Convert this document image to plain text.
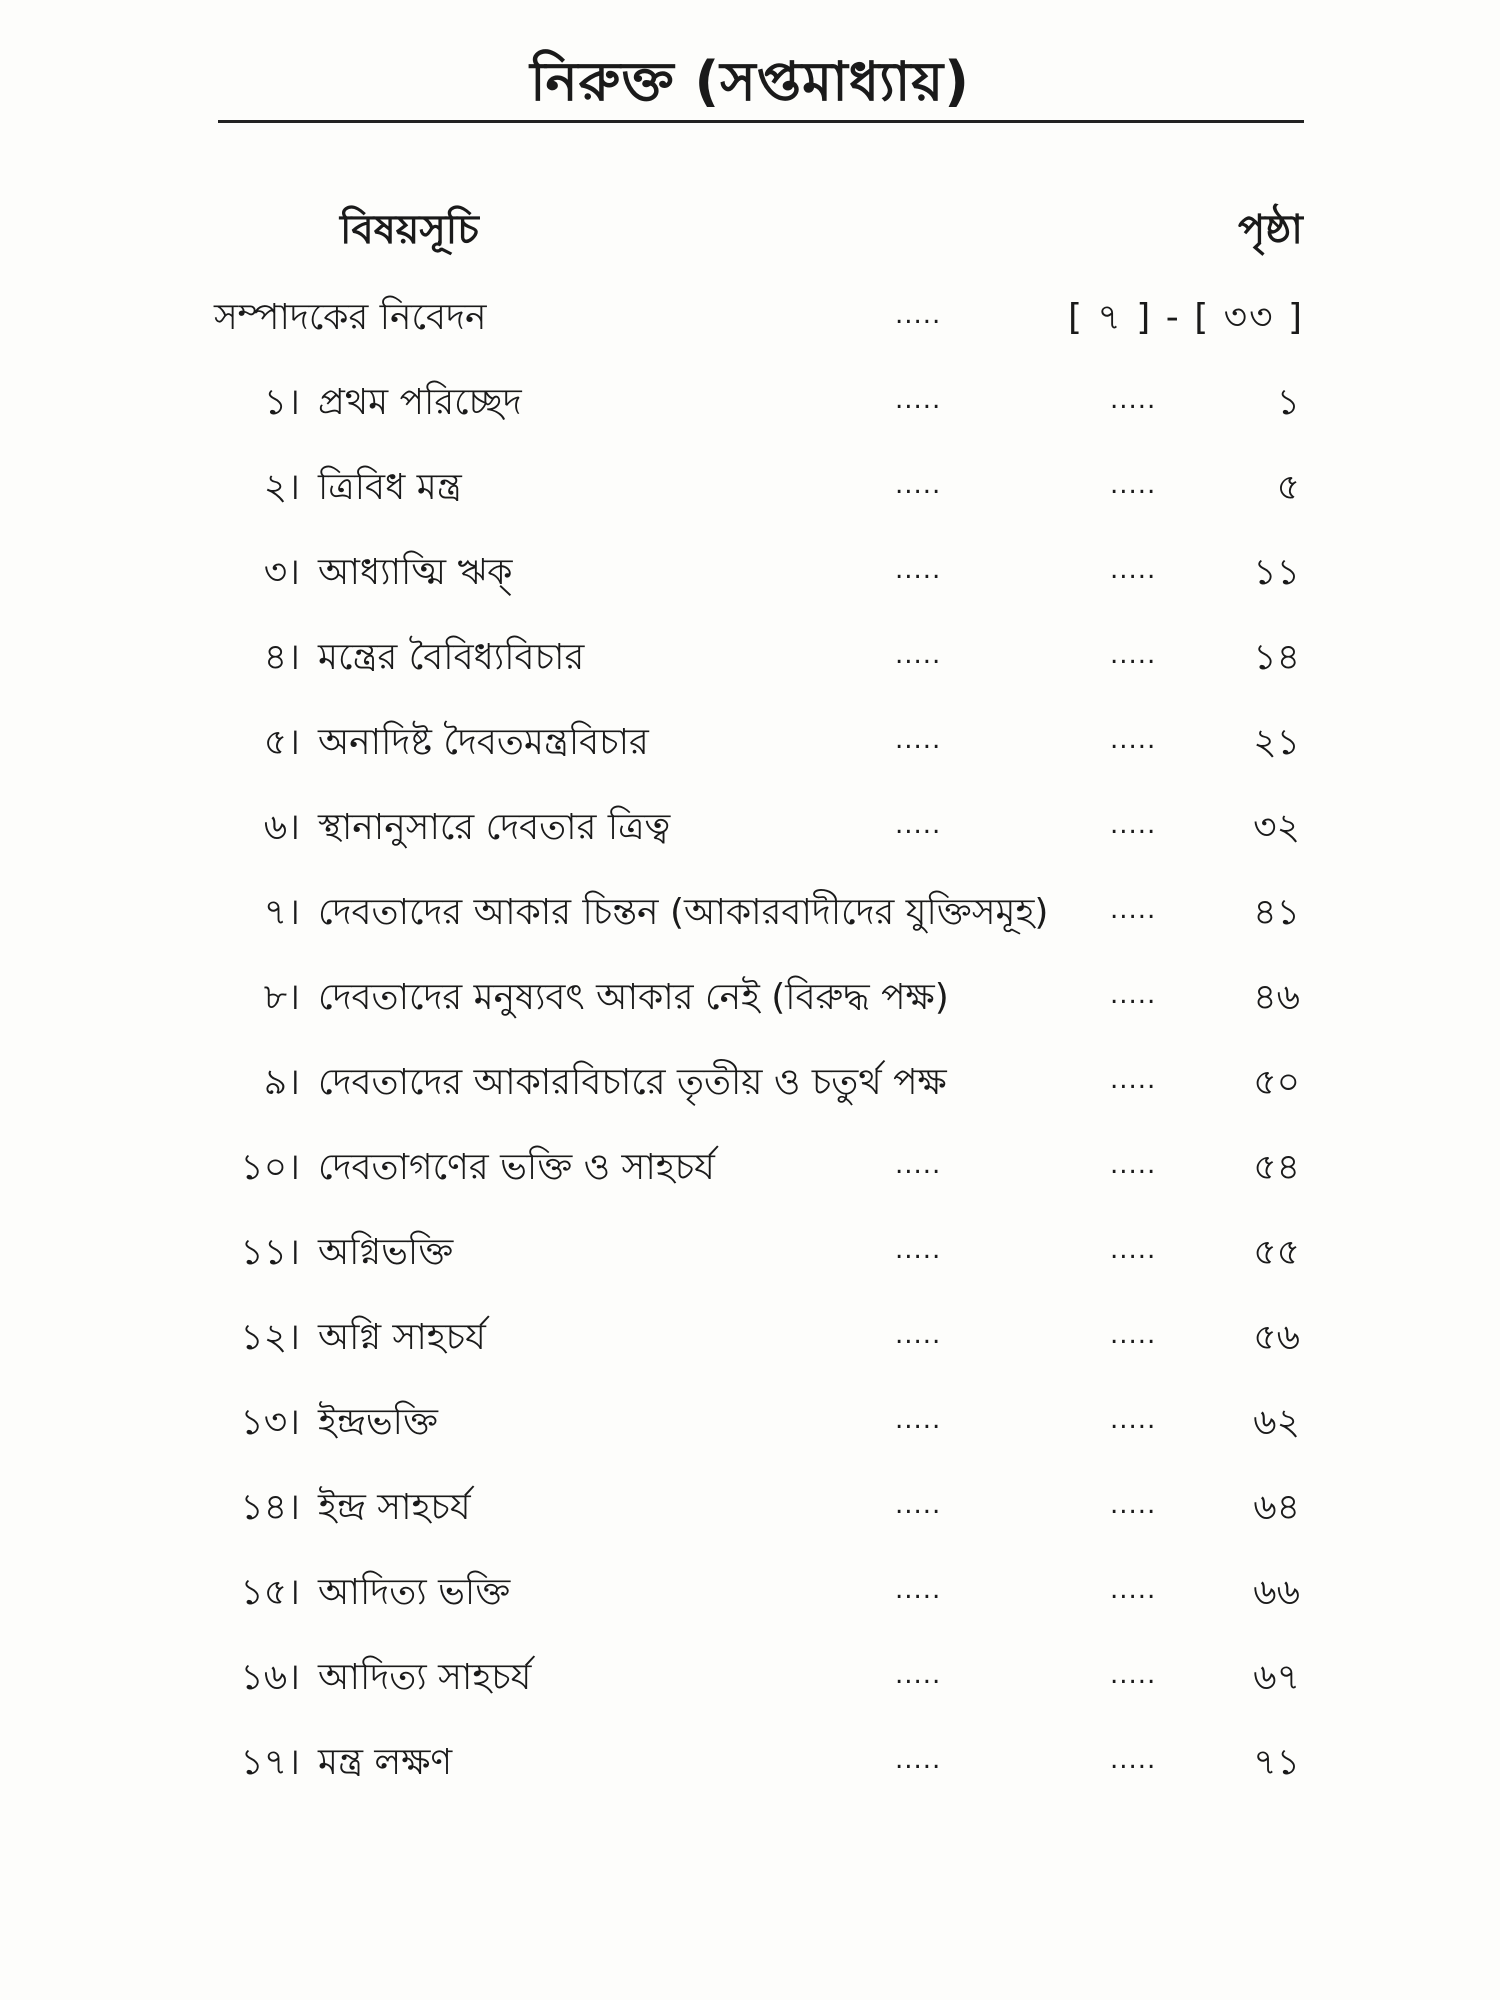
নিরুক্ত (সপ্তমাধ্যায়)
বিষয়সূচি	পৃষ্ঠা
সম্পাদকের নিবেদন	.....	[ ৭ ] - [ ৩৩ ]
১। প্রথম পরিচ্ছেদ	.....	.....	১
২। ত্রিবিধ মন্ত্র	.....	.....	৫
৩। আধ্যাত্মি ঋক্	.....	.....	১১
৪। মন্ত্রের বৈবিধ্যবিচার	.....	.....	১৪
৫। অনাদিষ্ট দৈবতমন্ত্রবিচার	.....	.....	২১
৬। স্থানানুসারে দেবতার ত্রিত্ব	.....	.....	৩২
৭। দেবতাদের আকার চিন্তন (আকারবাদীদের যুক্তিসমূহ) .....	৪১
৮। দেবতাদের মনুষ্যবৎ আকার নেই (বিরুদ্ধ পক্ষ)	.....	৪৬
৯। দেবতাদের আকারবিচারে তৃতীয় ও চতুর্থ পক্ষ	.....	৫০
১০। দেবতাগণের ভক্তি ও সাহচর্য	.....	.....	৫৪
১১। অগ্নিভক্তি	.....	.....	৫৫
১২। অগ্নি সাহচর্য	.....	.....	৫৬
১৩। ইন্দ্রভক্তি	.....	.....	৬২
১৪। ইন্দ্র সাহচর্য	.....	.....	৬৪
১৫। আদিত্য ভক্তি	.....	.....	৬৬
১৬। আদিত্য সাহচর্য	.....	.....	৬৭
১৭। মন্ত্র লক্ষণ	.....	.....	৭১
